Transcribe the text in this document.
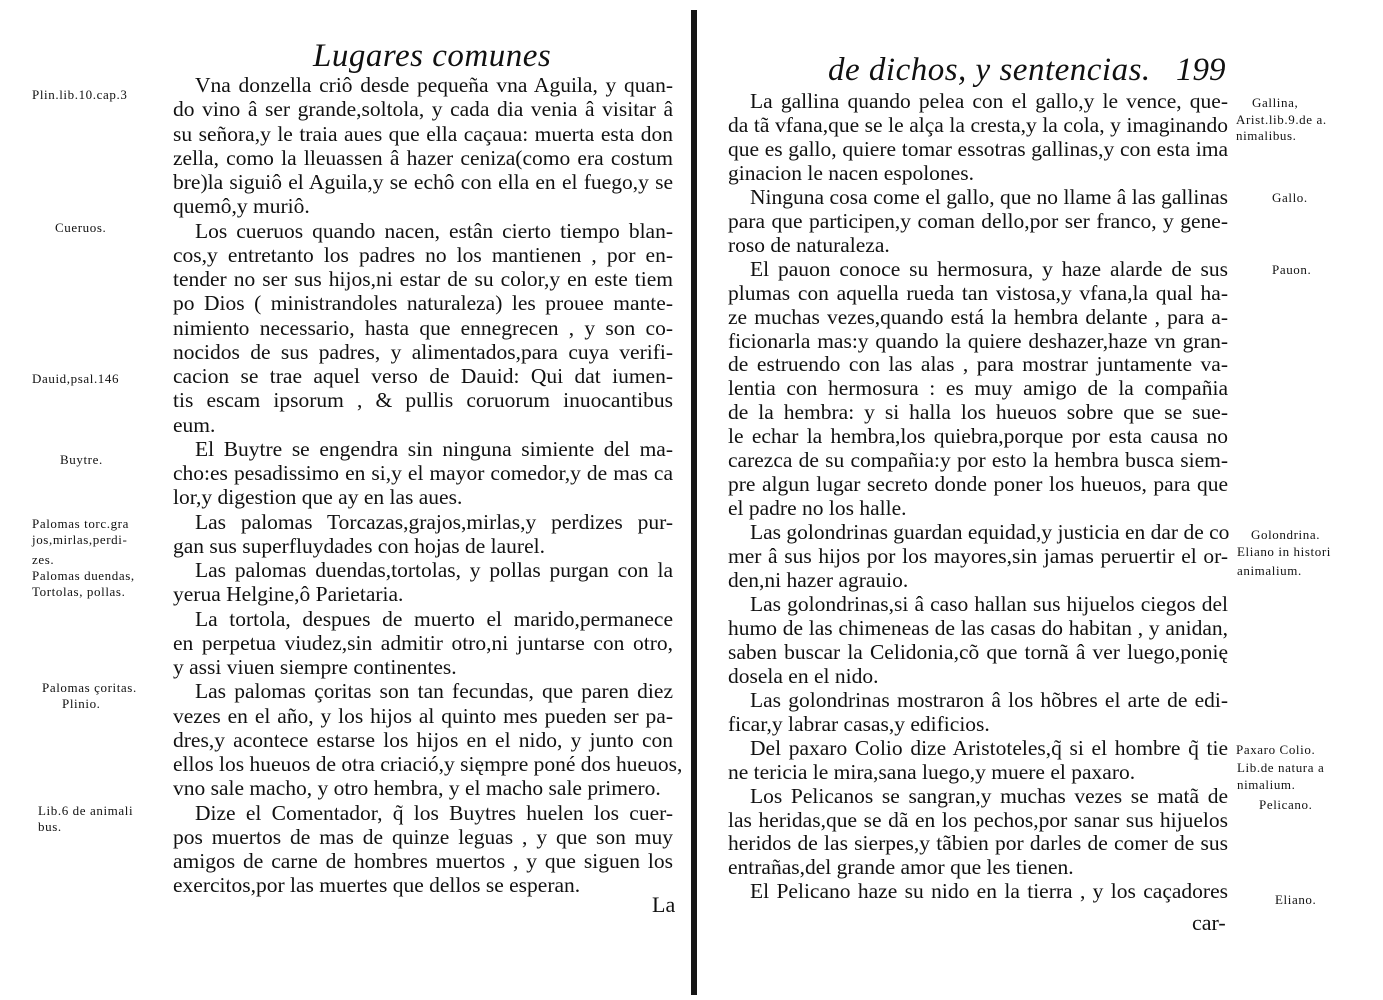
Lugares comunes
Vna donzella criô desde pequeña vna Aguila, y quan-
do vino â ser grande,soltola, y cada dia venia â visitar â
su señora,y le traia aues que ella caçaua: muerta esta don
zella, como la lleuassen â hazer ceniza(como era costum
bre)la siguiô el Aguila,y se echô con ella en el fuego,y se
quemô,y muriô.
Los cueruos quando nacen, estân cierto tiempo blan-
cos,y entretanto los padres no los mantienen , por en-
tender no ser sus hijos,ni estar de su color,y en este tiem
po Dios ( ministrandoles naturaleza) les prouee mante-
nimiento necessario, hasta que ennegrecen , y son co-
nocidos de sus padres, y alimentados,para cuya verifi-
cacion se trae aquel verso de Dauid: Qui dat iumen-
tis escam ipsorum , & pullis coruorum inuocantibus
eum.
El Buytre se engendra sin ninguna simiente del ma-
cho:es pesadissimo en si,y el mayor comedor,y de mas ca
lor,y digestion que ay en las aues.
Las palomas Torcazas,grajos,mirlas,y perdizes pur-
gan sus superfluydades con hojas de laurel.
Las palomas duendas,tortolas, y pollas purgan con la
yerua Helgine,ô Parietaria.
La tortola, despues de muerto el marido,permanece
en perpetua viudez,sin admitir otro,ni juntarse con otro,
y assi viuen siempre continentes.
Las palomas çoritas son tan fecundas, que paren diez
vezes en el año, y los hijos al quinto mes pueden ser pa-
dres,y acontece estarse los hijos en el nido, y junto con
ellos los hueuos de otra criació,y sięmpre poné dos hueuos,
vno sale macho, y otro hembra, y el macho sale primero.
Dize el Comentador, q̃ los Buytres huelen los cuer-
pos muertos de mas de quinze leguas , y que son muy
amigos de carne de hombres muertos , y que siguen los
exercitos,por las muertes que dellos se esperan.
Plin.lib.10.cap.3
Cueruos.
Dauid,psal.146
Buytre.
Palomas torc.gra
jos,mirlas,perdi-
zes.
Palomas duendas,
Tortolas, pollas.
Palomas çoritas.
Plinio.
Lib.6 de animali
bus.
La
de dichos, y sentencias. 199
La gallina quando pelea con el gallo,y le vence, que-
da tã vfana,que se le alça la cresta,y la cola, y imaginando
que es gallo, quiere tomar essotras gallinas,y con esta ima
ginacion le nacen espolones.
Ninguna cosa come el gallo, que no llame â las gallinas
para que participen,y coman dello,por ser franco, y gene-
roso de naturaleza.
El pauon conoce su hermosura, y haze alarde de sus
plumas con aquella rueda tan vistosa,y vfana,la qual ha-
ze muchas vezes,quando está la hembra delante , para a-
ficionarla mas:y quando la quiere deshazer,haze vn gran-
de estruendo con las alas , para mostrar juntamente va-
lentia con hermosura : es muy amigo de la compañia
de la hembra: y si halla los hueuos sobre que se sue-
le echar la hembra,los quiebra,porque por esta causa no
carezca de su compañia:y por esto la hembra busca siem-
pre algun lugar secreto donde poner los hueuos, para que
el padre no los halle.
Las golondrinas guardan equidad,y justicia en dar de co
mer â sus hijos por los mayores,sin jamas peruertir el or-
den,ni hazer agrauio.
Las golondrinas,si â caso hallan sus hijuelos ciegos del
humo de las chimeneas de las casas do habitan , y anidan,
saben buscar la Celidonia,cõ que tornã â ver luego,ponię
dosela en el nido.
Las golondrinas mostraron â los hõbres el arte de edi-
ficar,y labrar casas,y edificios.
Del paxaro Colio dize Aristoteles,q̃ si el hombre q̃ tie
ne tericia le mira,sana luego,y muere el paxaro.
Los Pelicanos se sangran,y muchas vezes se matã de
las heridas,que se dã en los pechos,por sanar sus hijuelos
heridos de las sierpes,y tãbien por darles de comer de sus
entrañas,del grande amor que les tienen.
El Pelicano haze su nido en la tierra , y los caçadores
Gallina,
Arist.lib.9.de a.
nimalibus.
Gallo.
Pauon.
Golondrina.
Eliano in histori
animalium.
Paxaro Colio.
Lib.de natura a
nimalium.
Pelicano.
Eliano.
car-
